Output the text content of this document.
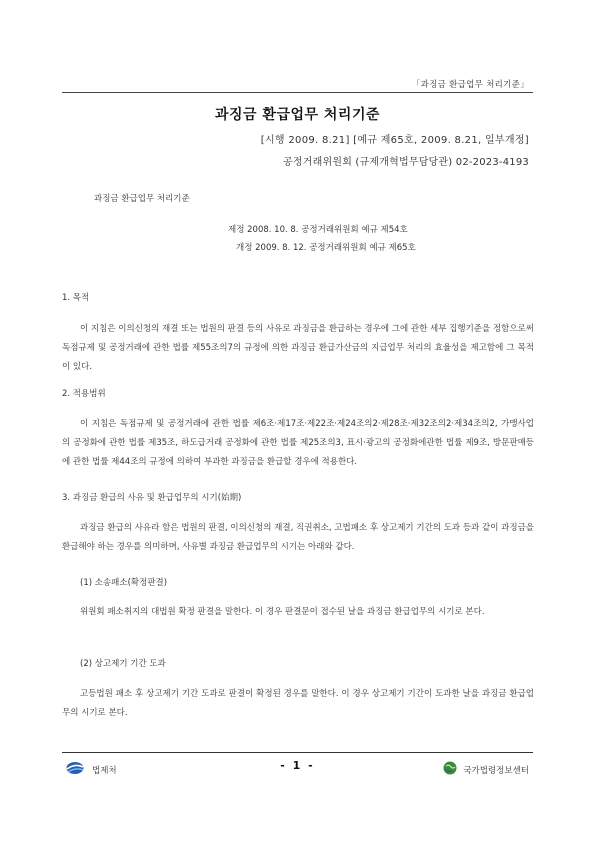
「과징금 환급업무 처리기준」
과징금 환급업무 처리기준
[시행 2009. 8.21] [예규 제65호, 2009. 8.21, 일부개정]
공정거래위원회 (규제개혁법무담당관) 02-2023-4193
과징금 환급업무 처리기준
제정 2008. 10. 8. 공정거래위원회 예규 제54호
개정 2009. 8. 12. 공정거래위원회 예규 제65호
1. 목적
이 지침은 이의신청의 재결 또는 법원의 판결 등의 사유로 과징금을 환급하는 경우에 그에 관한 세부 집행기준을 정함으로써 독점규제 및 공정거래에 관한 법률 제55조의7의 규정에 의한 과징금 환급가산금의 지급업무 처리의 효율성을 제고함에 그 목적이 있다.
2. 적용범위
이 지침은 독점규제 및 공정거래에 관한 법률 제6조·제17조·제22조·제24조의2·제28조·제32조의2·제34조의2, 가맹사업의 공정화에 관한 법률 제35조, 하도급거래 공정화에 관한 법률 제25조의3, 표시·광고의 공정화에관한 법률 제9조, 방문판매등에 관한 법률 제44조의 규정에 의하여 부과한 과징금을 환급할 경우에 적용한다.
3. 과징금 환급의 사유 및 환급업무의 시기(始期)
과징금 환급의 사유라 함은 법원의 판결, 이의신청의 재결, 직권취소, 고법패소 후 상고제기 기간의 도과 등과 같이 과징금을 환급해야 하는 경우를 의미하며, 사유별 과징금 환급업무의 시기는 아래와 같다.
(1) 소송패소(확정판결)
위원회 패소취지의 대법원 확정 판결을 말한다. 이 경우 판결문이 접수된 날을 과징금 환급업무의 시기로 본다.
(2) 상고제기 기간 도과
고등법원 패소 후 상고제기 기간 도과로 판결이 확정된 경우를 말한다. 이 경우 상고제기 기간이 도과한 날을 과징금 환급업무의 시기로 본다.
법제처	- 1 -	국가법령정보센터
